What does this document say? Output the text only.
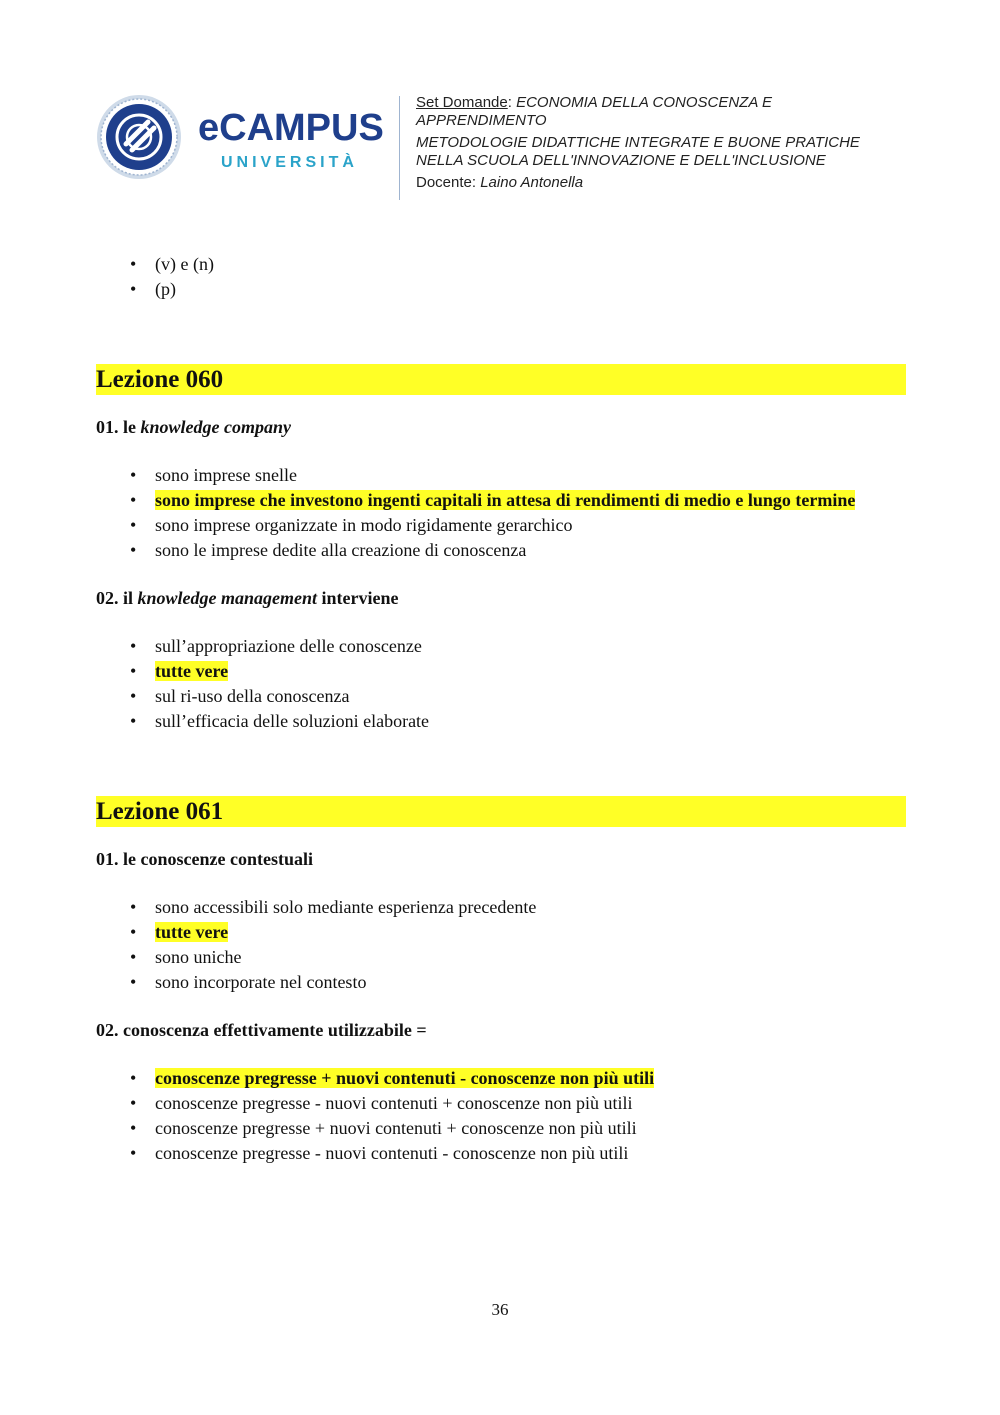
eCAMPUS
UNIVERSITÀ

Set Domande: ECONOMIA DELLA CONOSCENZA E

APPRENDIMENTO

METODOLOGIE DIDATTICHE INTEGRATE E BUONE PRATICHE

NELLA SCUOLA DELL'INNOVAZIONE E DELL'INCLUSIONE

Docente: Laino Antonella

• (v) e (n)
• (p)
Lezione 060

01. le knowledge company

• sono imprese snelle
• sono imprese che investono ingenti capitali in attesa di rendimenti di medio e lungo termine
• sono imprese organizzate in modo rigidamente gerarchico
• sono le imprese dedite alla creazione di conoscenza

02. il knowledge management interviene

• sull’appropriazione delle conoscenze
• tutte vere
• sul ri-uso della conoscenza
• sull’efficacia delle soluzioni elaborate
Lezione 061

01. le conoscenze contestuali

• sono accessibili solo mediante esperienza precedente
• tutte vere
• sono uniche
• sono incorporate nel contesto

02. conoscenza effettivamente utilizzabile =

• conoscenze pregresse + nuovi contenuti - conoscenze non più utili
• conoscenze pregresse - nuovi contenuti + conoscenze non più utili
• conoscenze pregresse + nuovi contenuti + conoscenze non più utili
• conoscenze pregresse - nuovi contenuti - conoscenze non più utili
36
